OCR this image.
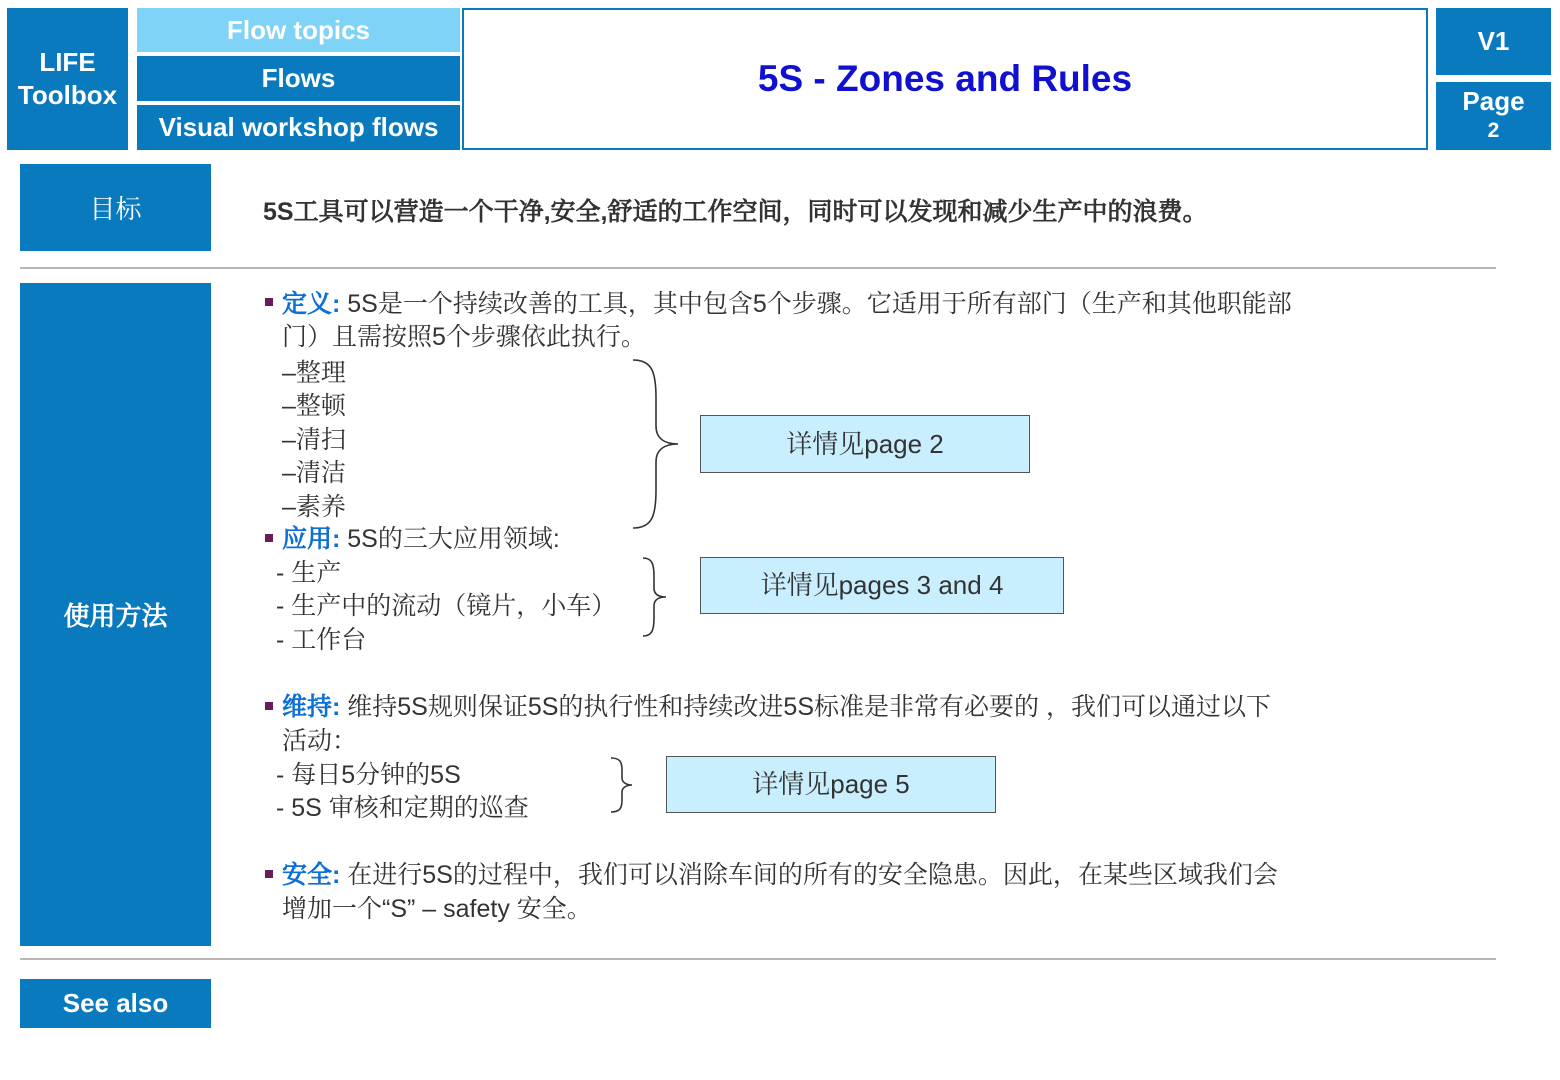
LIFE
Toolbox
Flow topics
Flows
Visual workshop flows
5S - Zones and Rules
V1
Page
2
目标	5S工具可以营造一个干净,安全,舒适的工作空间，同时可以发现和减少生产中的浪费。
使用方法
定义: 5S是一个持续改善的工具，其中包含5个步骤。它适用于所有部门（生产和其他职能部
门）且需按照5个步骤依此执行。
–整理
–整顿
–清扫
–清洁
–素养
详情见page 2
应用: 5S的三大应用领域:
- 生产
- 生产中的流动（镜片，小车）
- 工作台
详情见pages 3 and 4
维持: 维持5S规则保证5S的执行性和持续改进5S标准是非常有必要的 ，我们可以通过以下
活动：
- 每日5分钟的5S
- 5S 审核和定期的巡查
详情见page 5
安全: 在进行5S的过程中，我们可以消除车间的所有的安全隐患。因此，在某些区域我们会
增加一个“S” – safety 安全。
See also
